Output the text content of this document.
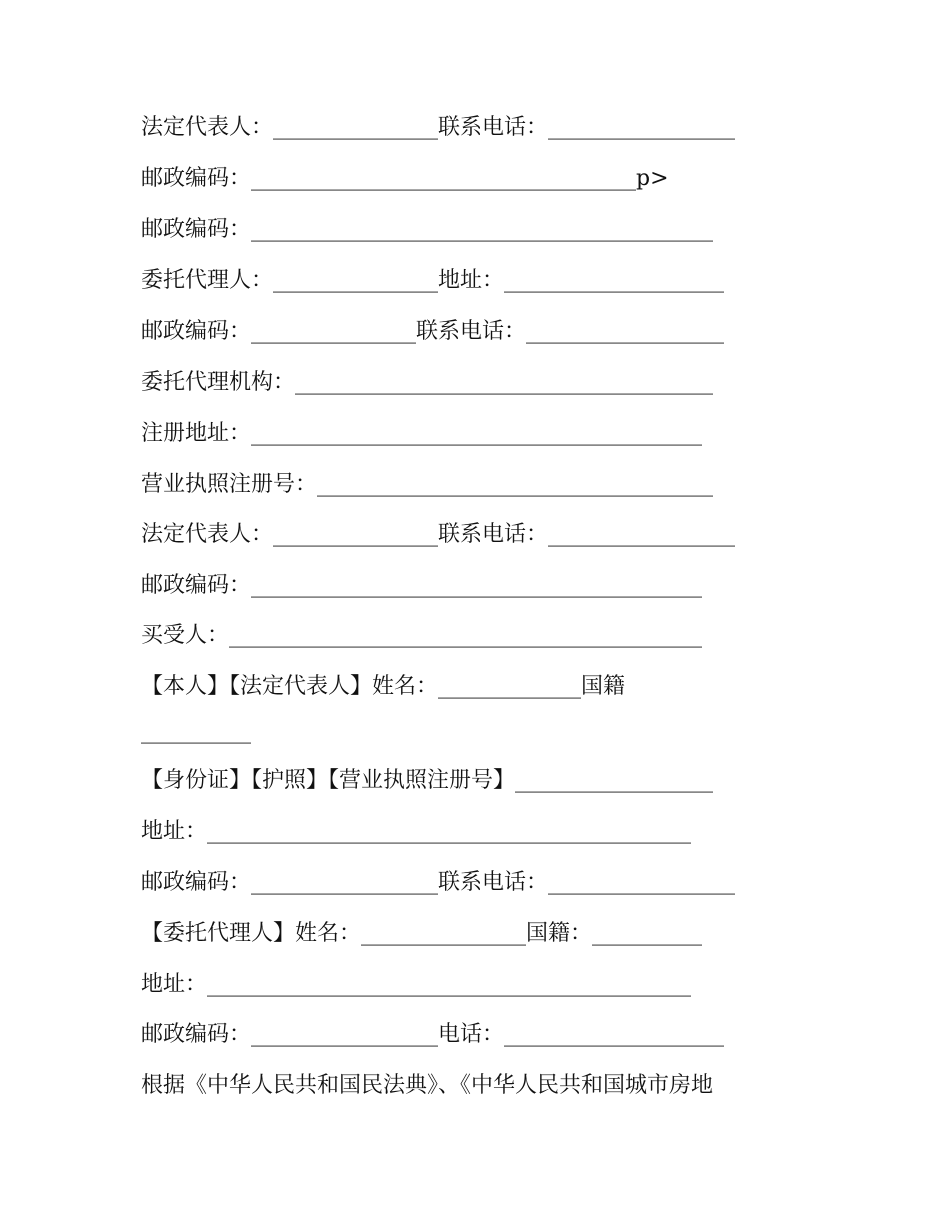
法定代表人：_______________联系电话：_________________
邮政编码：___________________________________p>
邮政编码：__________________________________________
委托代理人：_______________地址：____________________
邮政编码：_______________联系电话：__________________
委托代理机构：______________________________________
注册地址：_________________________________________
营业执照注册号：____________________________________
法定代表人：_______________联系电话：_________________
邮政编码：_________________________________________
买受人：___________________________________________
【本人】【法定代表人】姓名：_____________国籍
__________
【身份证】【护照】【营业执照注册号】__________________
地址：____________________________________________
邮政编码：_________________联系电话：_________________
【委托代理人】姓名：_______________国籍：__________
地址：____________________________________________
邮政编码：_________________电话：____________________
根据《中华人民共和国民法典》、《中华人民共和国城市房地
